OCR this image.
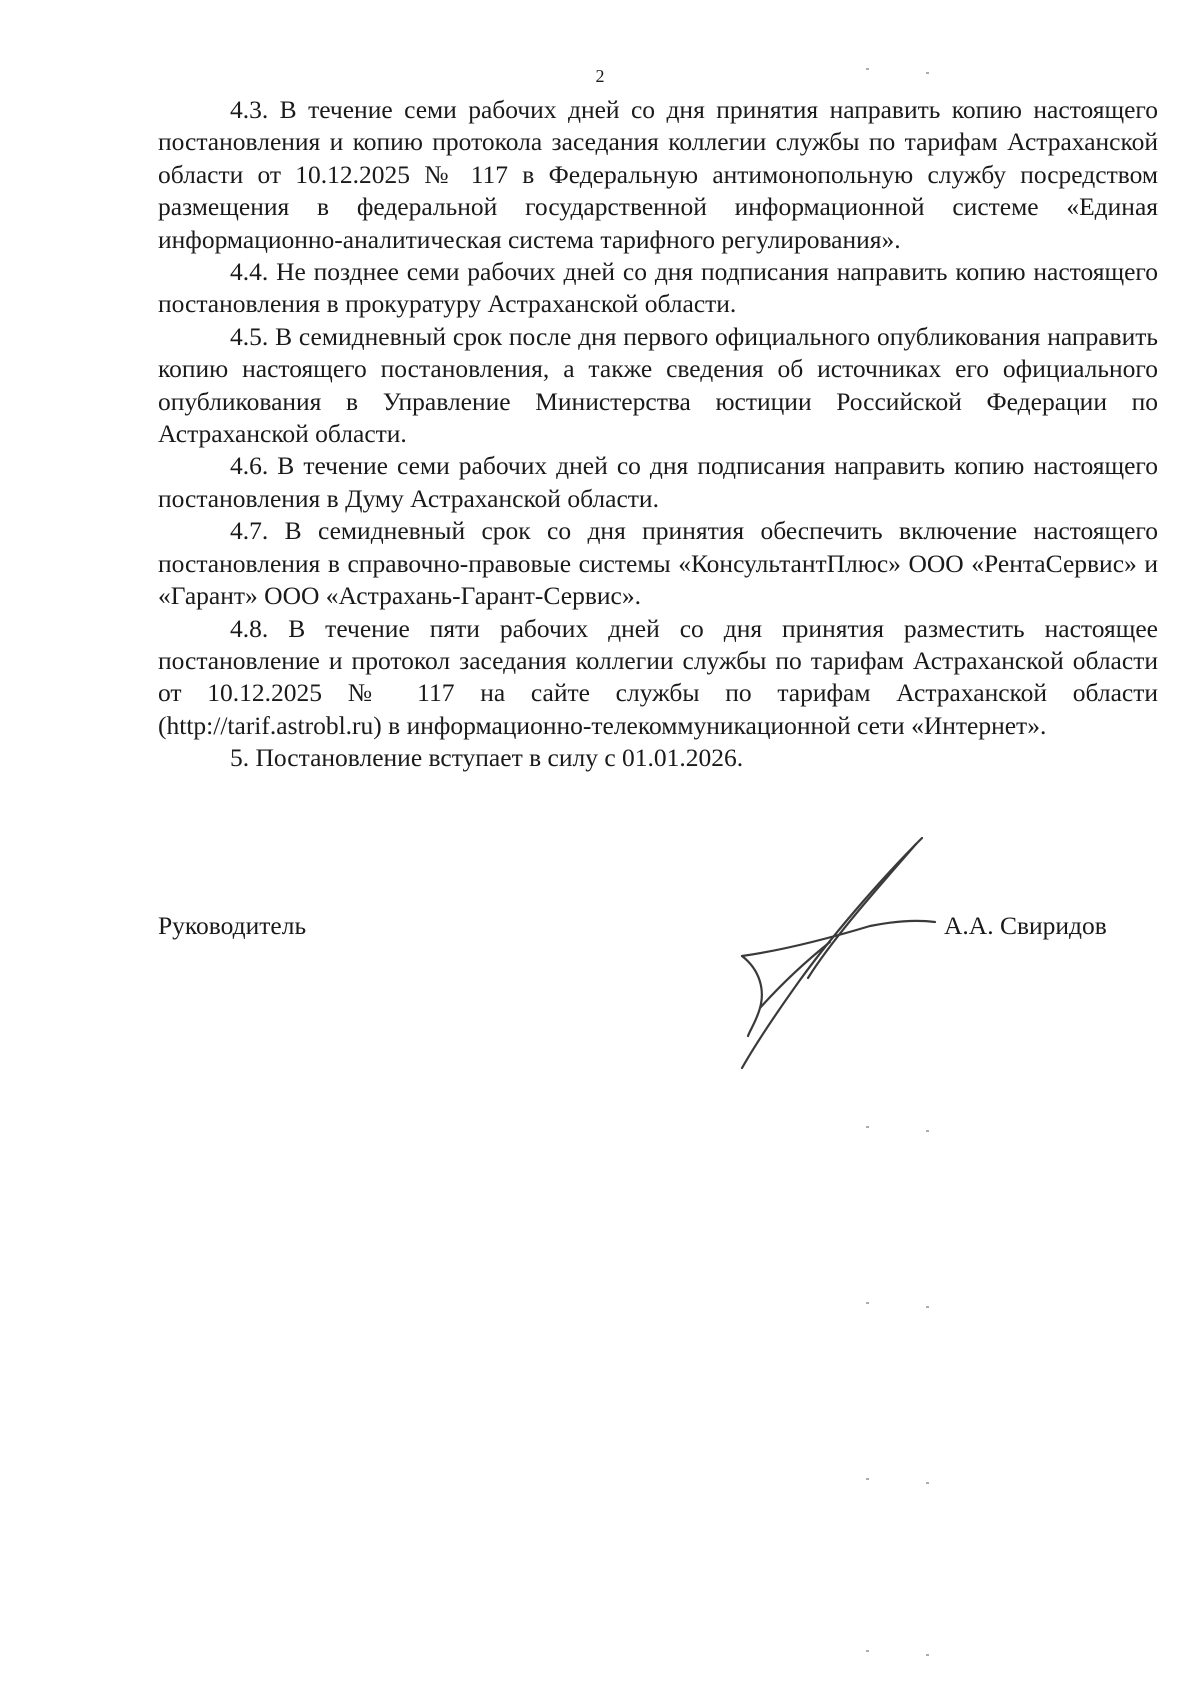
2

4.3. В течение семи рабочих дней со дня принятия направить копию настоящего постановления и копию протокола заседания коллегии службы по тарифам Астраханской области от 10.12.2025 № 117 в Федеральную антимонопольную службу посредством размещения в федеральной государственной информационной системе «Единая информационно-аналитическая система тарифного регулирования».

4.4. Не позднее семи рабочих дней со дня подписания направить копию настоящего постановления в прокуратуру Астраханской области.

4.5. В семидневный срок после дня первого официального опубликования направить копию настоящего постановления, а также сведения об источниках его официального опубликования в Управление Министерства юстиции Российской Федерации по Астраханской области.

4.6. В течение семи рабочих дней со дня подписания направить копию настоящего постановления в Думу Астраханской области.

4.7. В семидневный срок со дня принятия обеспечить включение настоящего постановления в справочно-правовые системы «КонсультантПлюс» ООО «РентаСервис» и «Гарант» ООО «Астрахань-Гарант-Сервис».

4.8. В течение пяти рабочих дней со дня принятия разместить настоящее постановление и протокол заседания коллегии службы по тарифам Астраханской области от 10.12.2025 № 117 на сайте службы по тарифам Астраханской области (http://tarif.astrobl.ru) в информационно-телекоммуникационной сети «Интернет».

5. Постановление вступает в силу с 01.01.2026.

Руководитель	А.А. Свиридов
